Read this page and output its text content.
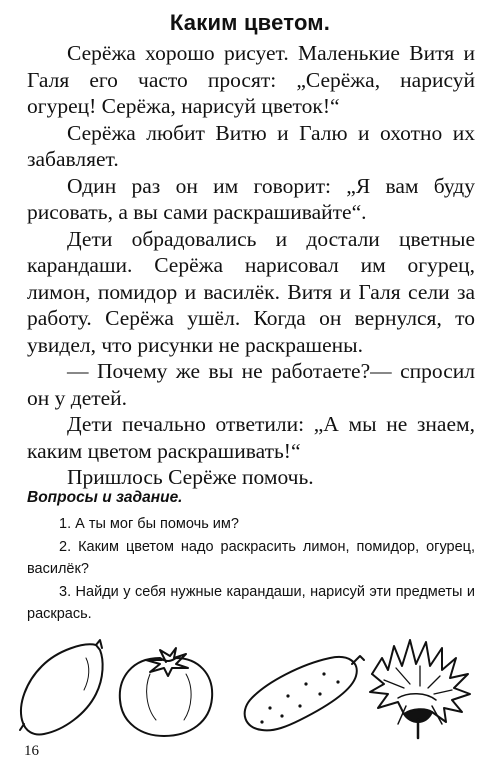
Каким цветом.

Серёжа хорошо рисует. Маленькие Витя и Галя его часто просят: „Серёжа, нарисуй огурец! Серёжа, нарисуй цветок!“

Серёжа любит Витю и Галю и охотно их забавляет.

Один раз он им говорит: „Я вам буду рисовать, а вы сами раскрашивайте“.

Дети обрадовались и достали цветные карандаши. Серёжа нарисовал им огурец, лимон, помидор и василёк. Витя и Галя сели за работу. Серёжа ушёл. Когда он вернулся, то увидел, что рисунки не раскрашены.

— Почему же вы не работаете?— спросил он у детей.

Дети печально ответили: „А мы не знаем, каким цветом раскрашивать!“

Пришлось Серёже помочь.

Вопросы и задание.

1. А ты мог бы помочь им?

2. Каким цветом надо раскрасить лимон, помидор, огурец, василёк?

3. Найди у себя нужные карандаши, нарисуй эти предметы и раскрась.

16
